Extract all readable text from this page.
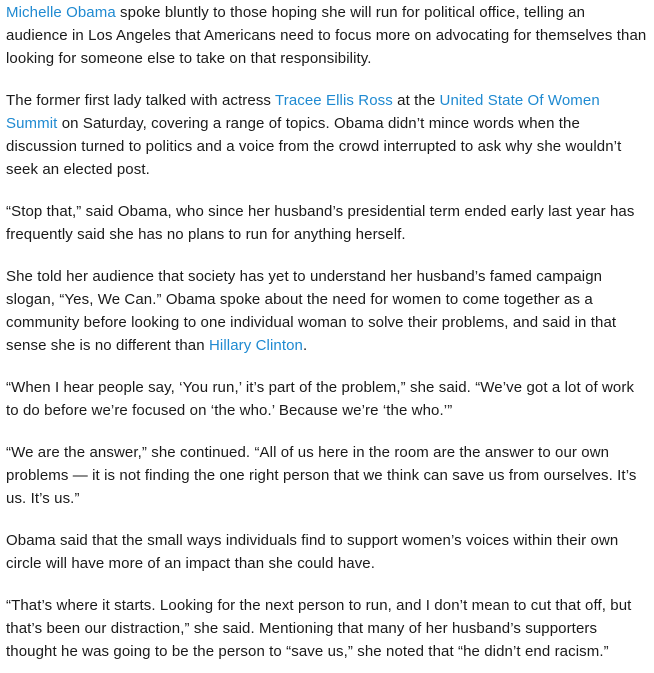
Michelle Obama spoke bluntly to those hoping she will run for political office, telling an audience in Los Angeles that Americans need to focus more on advocating for themselves than looking for someone else to take on that responsibility.

The former first lady talked with actress Tracee Ellis Ross at the United State Of Women Summit on Saturday, covering a range of topics. Obama didn’t mince words when the discussion turned to politics and a voice from the crowd interrupted to ask why she wouldn’t seek an elected post.

“Stop that,” said Obama, who since her husband’s presidential term ended early last year has frequently said she has no plans to run for anything herself.

She told her audience that society has yet to understand her husband’s famed campaign slogan, “Yes, We Can.” Obama spoke about the need for women to come together as a community before looking to one individual woman to solve their problems, and said in that sense she is no different than Hillary Clinton.

“When I hear people say, ‘You run,’ it’s part of the problem,” she said. “We’ve got a lot of work to do before we’re focused on ‘the who.’ Because we’re ‘the who.’”

“We are the answer,” she continued. “All of us here in the room are the answer to our own problems — it is not finding the one right person that we think can save us from ourselves. It’s us. It’s us.”

Obama said that the small ways individuals find to support women’s voices within their own circle will have more of an impact than she could have.

“That’s where it starts. Looking for the next person to run, and I don’t mean to cut that off, but that’s been our distraction,” she said. Mentioning that many of her husband’s supporters thought he was going to be the person to “save us,” she noted that “he didn’t end racism.”
